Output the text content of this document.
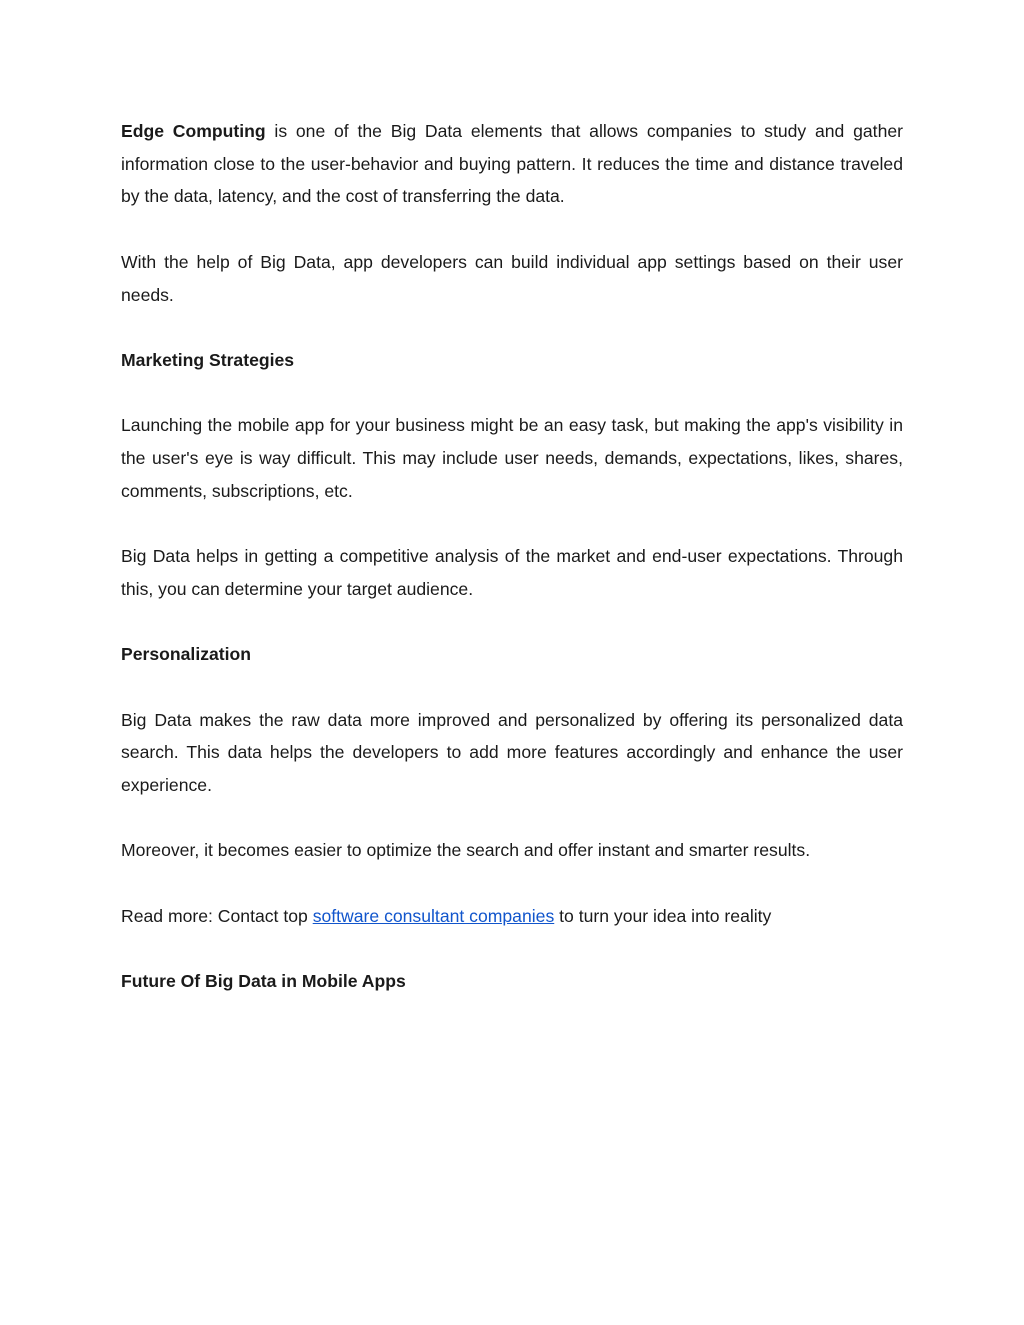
Edge Computing is one of the Big Data elements that allows companies to study and gather information close to the user-behavior and buying pattern. It reduces the time and distance traveled by the data, latency, and the cost of transferring the data.

With the help of Big Data, app developers can build individual app settings based on their user needs.

Marketing Strategies

Launching the mobile app for your business might be an easy task, but making the app's visibility in the user's eye is way difficult. This may include user needs, demands, expectations, likes, shares, comments, subscriptions, etc.

Big Data helps in getting a competitive analysis of the market and end-user expectations. Through this, you can determine your target audience.

Personalization

Big Data makes the raw data more improved and personalized by offering its personalized data search. This data helps the developers to add more features accordingly and enhance the user experience.

Moreover, it becomes easier to optimize the search and offer instant and smarter results.

Read more: Contact top software consultant companies to turn your idea into reality

Future Of Big Data in Mobile Apps
